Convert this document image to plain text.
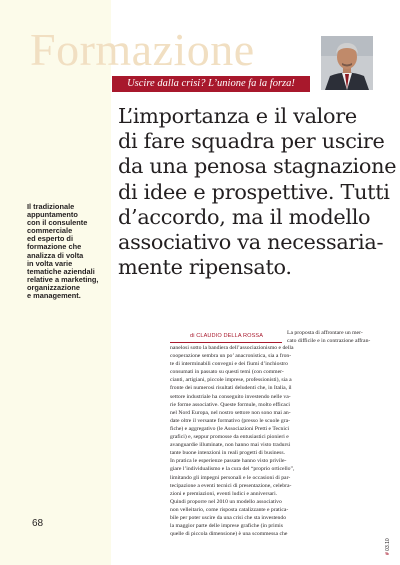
Formazione
Uscire dalla crisi? L’unione fa la forza!
L’importanza e il valore
di fare squadra per uscire
da una penosa stagnazione
di idee e prospettive. Tutti
d’accordo, ma il modello
associativo va necessaria-
mente ripensato.
Il tradizionale
appuntamento
con il consulente
commerciale
ed esperto di
formazione che
analizza di volta
in volta varie
tematiche aziendali
relative a marketing,
organizzazione
e management.
di CLAUDIO DELLA ROSSA	La proposta di affrontare un mer-
cato difficile e in contrazione affran-
nanelosi sotto la bandiera dell’associazionismo e della
cooperazione sembra un po’ anacronistica, sia a fron-
te di interminabili convegni e dei fiumi d’inchiostro
consumati in passato su questi temi (con commer-
cianti, artigiani, piccole imprese, professionisti), sia a
fronte dei numerosi risultati deludenti che, in Italia, il
settore industriale ha conseguito investendo nelle va-
rie forme associative. Queste formule, molto efficaci
nel Nord Europa, nel nostro settore non sono mai an-
date oltre il versante formativo (presso le scuole gra-
fiche) e aggregativo (le Associazioni Pretti e Tecnici
grafici) e, seppur promosse da entusiastici pionieri e
avanguardie illuminate, non hanno mai visto tradursi
tante buone intenzioni in reali progetti di business.
In pratica le esperienze passate hanno visto privile-
giare l’individualismo e la cura del “proprio orticello”,
limitando gli impegni personali e le occasioni di par-
tecipazione a eventi tecnici di presentazione, celebra-
zioni e premiazioni, eventi ludici e anniversari.
Quindi proporre nel 2010 un modello associativo
non velleitario, come risposta catalizzante e pratica-
bile per poter uscire da una crisi che sta investendo
la maggior parte delle imprese grafiche (in primis
quelle di piccola dimensione) è una scommessa che
68
# 03.10
